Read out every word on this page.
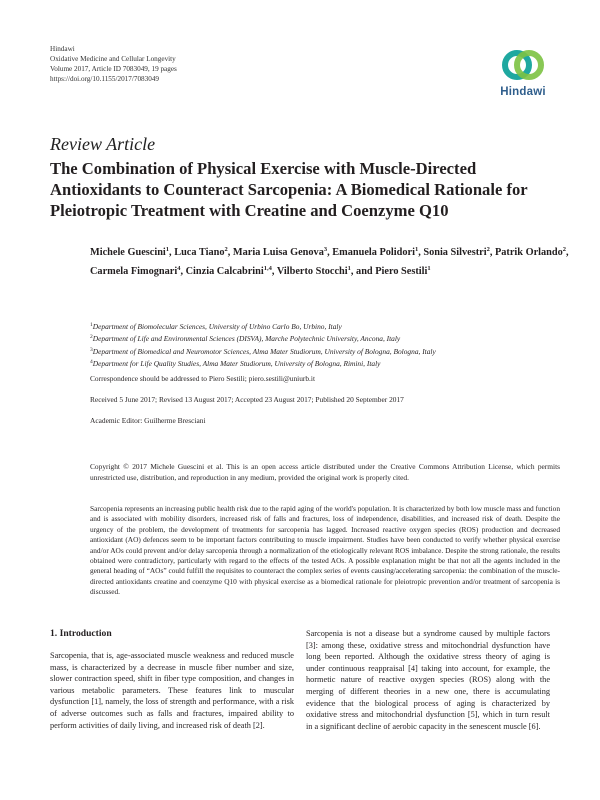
Hindawi
Oxidative Medicine and Cellular Longevity
Volume 2017, Article ID 7083049, 19 pages
https://doi.org/10.1155/2017/7083049
Hindawi
Review Article
The Combination of Physical Exercise with Muscle-Directed Antioxidants to Counteract Sarcopenia: A Biomedical Rationale for Pleiotropic Treatment with Creatine and Coenzyme Q10
Michele Guescini$^1$, Luca Tiano$^2$, Maria Luisa Genova$^3$, Emanuela Polidori$^1$, Sonia Silvestri$^2$, Patrik Orlando$^2$, Carmela Fimognari$^4$, Cinzia Calcabrini$^{1,4}$, Vilberto Stocchi$^1$, and Piero Sestili$^1$
$^1$Department of Biomolecular Sciences, University of Urbino Carlo Bo, Urbino, Italy
$^2$Department of Life and Environmental Sciences (DISVA), Marche Polytechnic University, Ancona, Italy
$^3$Department of Biomedical and Neuromotor Sciences, Alma Mater Studiorum, University of Bologna, Bologna, Italy
$^4$Department for Life Quality Studies, Alma Mater Studiorum, University of Bologna, Rimini, Italy
Correspondence should be addressed to Piero Sestili; piero.sestili@uniurb.it
Received 5 June 2017; Revised 13 August 2017; Accepted 23 August 2017; Published 20 September 2017
Academic Editor: Guilherme Bresciani
Copyright © 2017 Michele Guescini et al. This is an open access article distributed under the Creative Commons Attribution License, which permits unrestricted use, distribution, and reproduction in any medium, provided the original work is properly cited.
Sarcopenia represents an increasing public health risk due to the rapid aging of the world's population. It is characterized by both low muscle mass and function and is associated with mobility disorders, increased risk of falls and fractures, loss of independence, disabilities, and increased risk of death. Despite the urgency of the problem, the development of treatments for sarcopenia has lagged. Increased reactive oxygen species (ROS) production and decreased antioxidant (AO) defences seem to be important factors contributing to muscle impairment. Studies have been conducted to verify whether physical exercise and/or AOs could prevent and/or delay sarcopenia through a normalization of the etiologically relevant ROS imbalance. Despite the strong rationale, the results obtained were contradictory, particularly with regard to the effects of the tested AOs. A possible explanation might be that not all the agents included in the general heading of “AOs” could fulfill the requisites to counteract the complex series of events causing/accelerating sarcopenia: the combination of the muscle-directed antioxidants creatine and coenzyme Q10 with physical exercise as a biomedical rationale for pleiotropic prevention and/or treatment of sarcopenia is discussed.
1. Introduction
Sarcopenia, that is, age-associated muscle weakness and reduced muscle mass, is characterized by a decrease in muscle fiber number and size, slower contraction speed, shift in fiber type composition, and changes in various metabolic parameters. These features link to muscular dysfunction [1], namely, the loss of strength and performance, with a risk of adverse outcomes such as falls and fractures, impaired ability to perform activities of daily living, and increased risk of death [2].
Sarcopenia is not a disease but a syndrome caused by multiple factors [3]: among these, oxidative stress and mitochondrial dysfunction have long been reported. Although the oxidative stress theory of aging is under continuous reappraisal [4] taking into account, for example, the hormetic nature of reactive oxygen species (ROS) along with the merging of different theories in a new one, there is accumulating evidence that the biological process of aging is characterized by oxidative stress and mitochondrial dysfunction [5], which in turn result in a significant decline of aerobic capacity in the senescent muscle [6].
